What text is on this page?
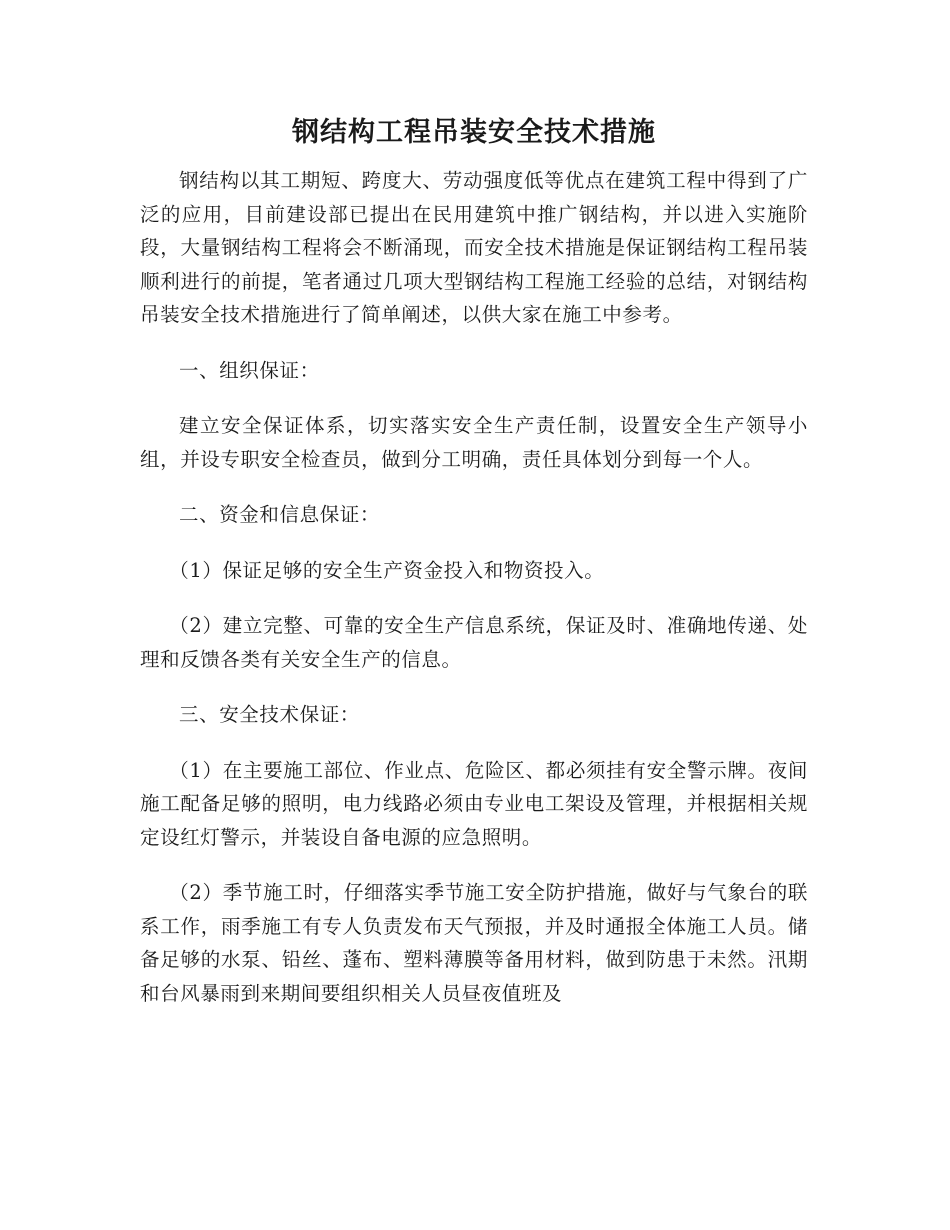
钢结构工程吊装安全技术措施

钢结构以其工期短、跨度大、劳动强度低等优点在建筑工程中得到了广泛的应用，目前建设部已提出在民用建筑中推广钢结构，并以进入实施阶段，大量钢结构工程将会不断涌现，而安全技术措施是保证钢结构工程吊装顺利进行的前提，笔者通过几项大型钢结构工程施工经验的总结，对钢结构吊装安全技术措施进行了简单阐述，以供大家在施工中参考。

一、组织保证：

建立安全保证体系，切实落实安全生产责任制，设置安全生产领导小组，并设专职安全检查员，做到分工明确，责任具体划分到每一个人。

二、资金和信息保证：

（1）保证足够的安全生产资金投入和物资投入。

（2）建立完整、可靠的安全生产信息系统，保证及时、准确地传递、处理和反馈各类有关安全生产的信息。

三、安全技术保证：

（1）在主要施工部位、作业点、危险区、都必须挂有安全警示牌。夜间施工配备足够的照明，电力线路必须由专业电工架设及管理，并根据相关规定设红灯警示，并装设自备电源的应急照明。

（2）季节施工时，仔细落实季节施工安全防护措施，做好与气象台的联系工作，雨季施工有专人负责发布天气预报，并及时通报全体施工人员。储备足够的水泵、铅丝、蓬布、塑料薄膜等备用材料，做到防患于未然。汛期和台风暴雨到来期间要组织相关人员昼夜值班及
